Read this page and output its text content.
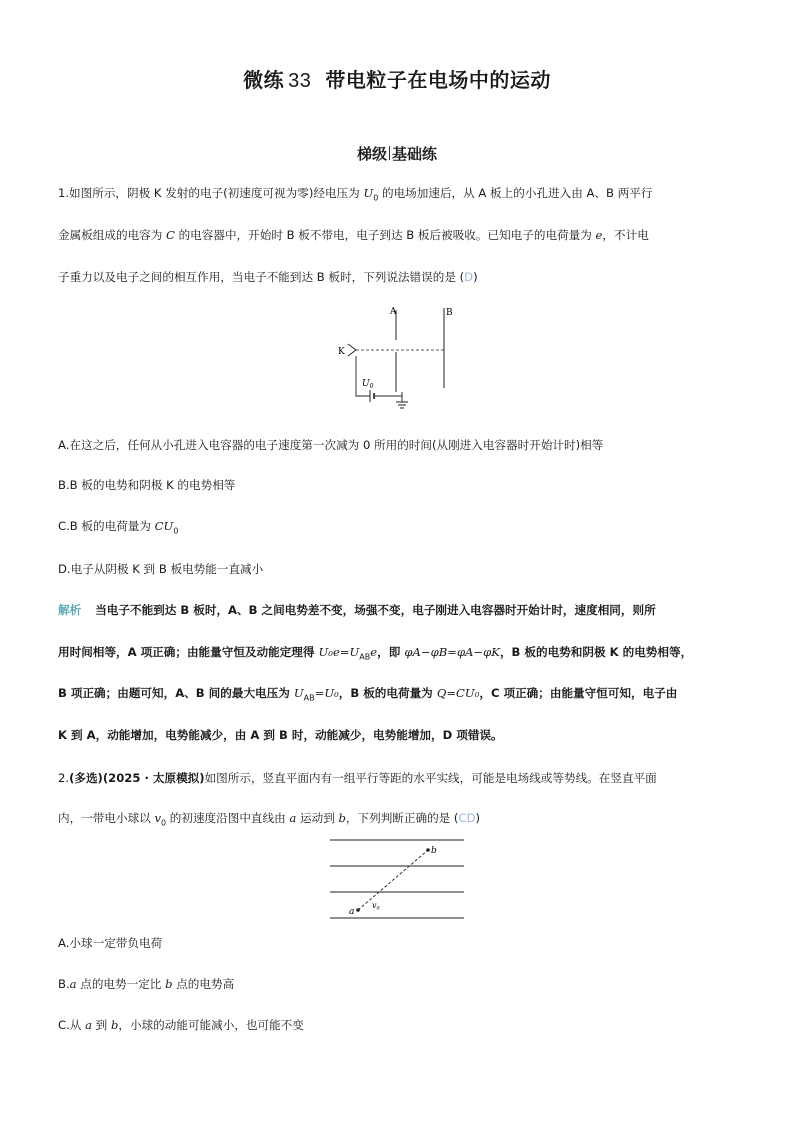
微练 33 带电粒子在电场中的运动
梯级 基础练
1.如图所示，阴极 K 发射的电子(初速度可视为零)经电压为 $U_0$ 的电场加速后，从 A 板上的小孔进入由 A、B 两平行
金属板组成的电容为 C 的电容器中，开始时 B 板不带电，电子到达 B 板后被吸收。已知电子的电荷量为 e，不计电
子重力以及电子之间的相互作用，当电子不能到达 B 板时，下列说法错误的是 (D)
K
A	B
$U_0$
A.在这之后，任何从小孔进入电容器的电子速度第一次减为 0 所用的时间(从刚进入电容器时开始计时)相等
B.B 板的电势和阴极 K 的电势相等
C.B 板的电荷量为 $CU_0$
D.电子从阴极 K 到 B 板电势能一直减小
解析 当电子不能到达 B 板时，A、B 之间电势差不变，场强不变，电子刚进入电容器时开始计时，速度相同，则所
用时间相等，A 项正确；由能量守恒及动能定理得 $U_0e=U_{AB}e$，即 φA−φB=φA−φK，B 板的电势和阴极 K 的电势相等，
B 项正确；由题可知，A、B 间的最大电压为 $U_{AB}=U_0$，B 板的电荷量为 Q=CU₀，C 项正确；由能量守恒可知，电子由
K 到 A，动能增加，电势能减少，由 A 到 B 时，动能减少，电势能增加，D 项错误。
2.(多选)(2025 · 太原模拟)如图所示，竖直平面内有一组平行等距的水平实线，可能是电场线或等势线。在竖直平面
内，一带电小球以 $v_0$ 的初速度沿图中直线由 a 运动到 b，下列判断正确的是 (CD)
a
b
v0
A.小球一定带负电荷
B.a 点的电势一定比 b 点的电势高
C.从 a 到 b，小球的动能可能减小，也可能不变
